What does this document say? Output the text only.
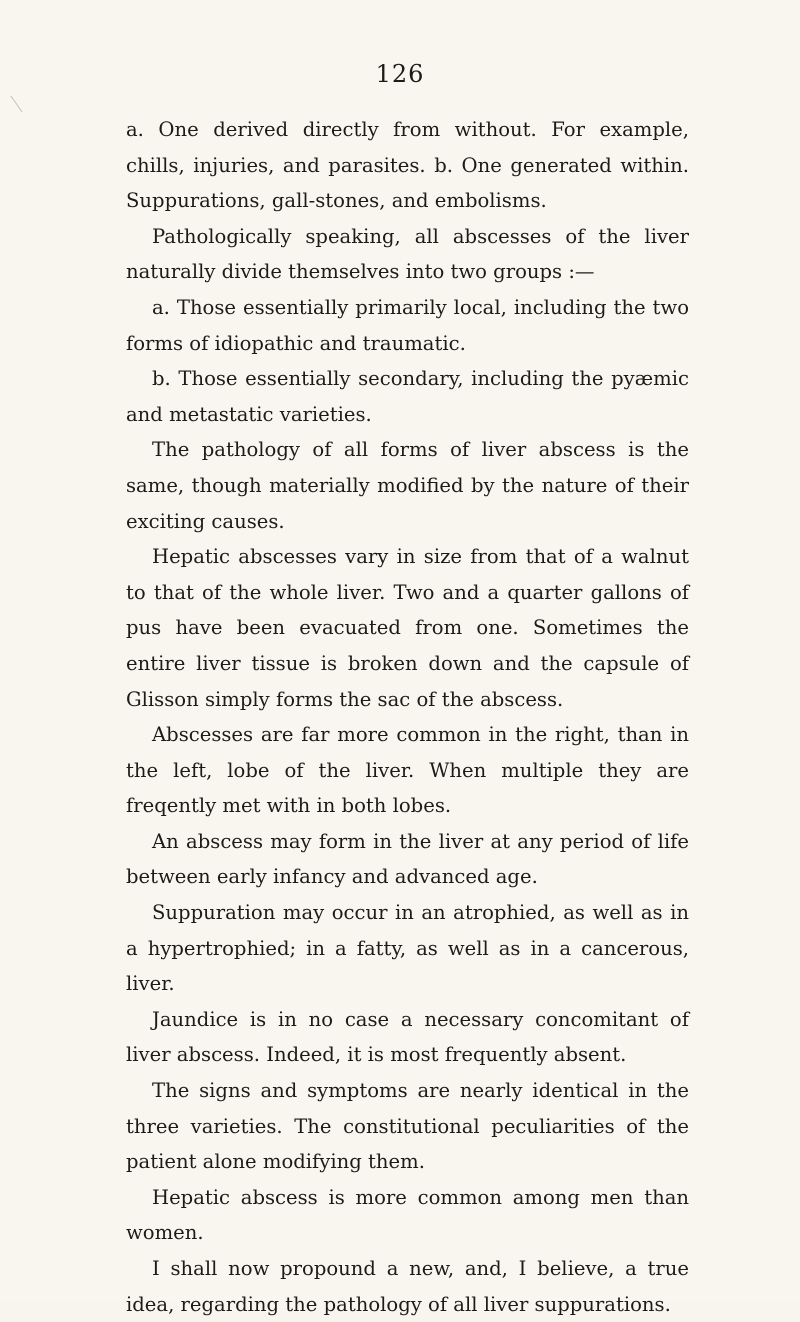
126

a. One derived directly from without. For example, chills, injuries, and parasites. b. One generated within. Suppurations, gall-stones, and embolisms.

Pathologically speaking, all abscesses of the liver naturally divide themselves into two groups :—

a. Those essentially primarily local, including the two forms of idiopathic and traumatic.

b. Those essentially secondary, including the pyæmic and metastatic varieties.

The pathology of all forms of liver abscess is the same, though materially modified by the nature of their exciting causes.

Hepatic abscesses vary in size from that of a walnut to that of the whole liver. Two and a quarter gallons of pus have been evacuated from one. Sometimes the entire liver tissue is broken down and the capsule of Glisson simply forms the sac of the abscess.

Abscesses are far more common in the right, than in the left, lobe of the liver. When multiple they are freqently met with in both lobes.

An abscess may form in the liver at any period of life between early infancy and advanced age.

Suppuration may occur in an atrophied, as well as in a hypertrophied; in a fatty, as well as in a cancerous, liver.

Jaundice is in no case a necessary concomitant of liver abscess. Indeed, it is most frequently absent.

The signs and symptoms are nearly identical in the three varieties. The constitutional peculiarities of the patient alone modifying them.

Hepatic abscess is more common among men than women.

I shall now propound a new, and, I believe, a true idea, regarding the pathology of all liver suppurations.
